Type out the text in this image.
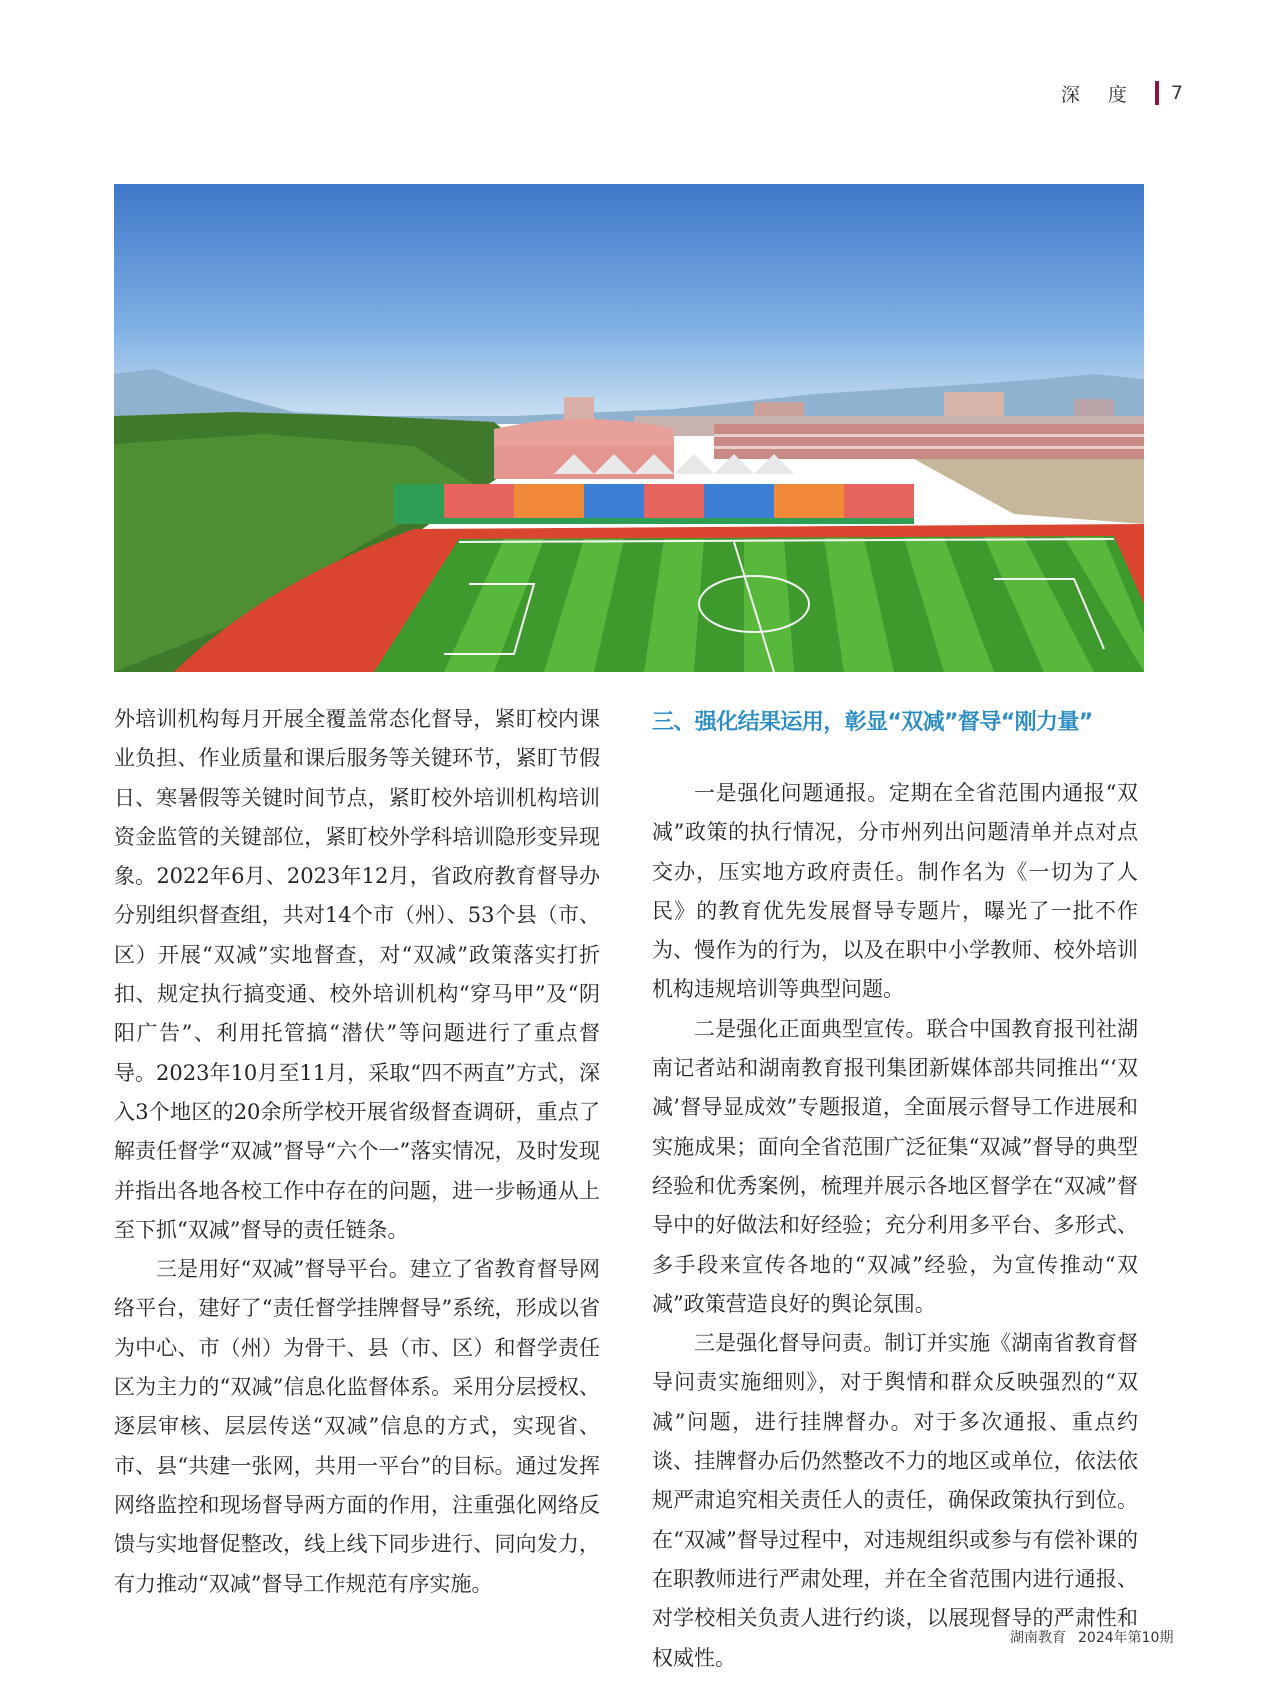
深度 7

外培训机构每月开展全覆盖常态化督导，紧盯校内课业负担、作业质量和课后服务等关键环节，紧盯节假日、寒暑假等关键时间节点，紧盯校外培训机构培训资金监管的关键部位，紧盯校外学科培训隐形变异现象。2022年6月、2023年12月，省政府教育督导办分别组织督查组，共对14个市（州）、53个县（市、区）开展“双减”实地督查，对“双减”政策落实打折扣、规定执行搞变通、校外培训机构“穿马甲”及“阴阳广告”、利用托管搞“潜伏”等问题进行了重点督导。2023年10月至11月，采取“四不两直”方式，深入3个地区的20余所学校开展省级督查调研，重点了解责任督学“双减”督导“六个一”落实情况，及时发现并指出各地各校工作中存在的问题，进一步畅通从上至下抓“双减”督导的责任链条。

三是用好“双减”督导平台。建立了省教育督导网络平台，建好了“责任督学挂牌督导”系统，形成以省为中心、市（州）为骨干、县（市、区）和督学责任区为主力的“双减”信息化监督体系。采用分层授权、逐层审核、层层传送“双减”信息的方式，实现省、市、县“共建一张网，共用一平台”的目标。通过发挥网络监控和现场督导两方面的作用，注重强化网络反馈与实地督促整改，线上线下同步进行、同向发力，有力推动“双减”督导工作规范有序实施。

三、强化结果运用，彰显“双减”督导“刚力量”

一是强化问题通报。定期在全省范围内通报“双减”政策的执行情况，分市州列出问题清单并点对点交办，压实地方政府责任。制作名为《一切为了人民》的教育优先发展督导专题片，曝光了一批不作为、慢作为的行为，以及在职中小学教师、校外培训机构违规培训等典型问题。

二是强化正面典型宣传。联合中国教育报刊社湖南记者站和湖南教育报刊集团新媒体部共同推出“‘双减’督导显成效”专题报道，全面展示督导工作进展和实施成果；面向全省范围广泛征集“双减”督导的典型经验和优秀案例，梳理并展示各地区督学在“双减”督导中的好做法和好经验；充分利用多平台、多形式、多手段来宣传各地的“双减”经验，为宣传推动“双减”政策营造良好的舆论氛围。

三是强化督导问责。制订并实施《湖南省教育督导问责实施细则》，对于舆情和群众反映强烈的“双减”问题，进行挂牌督办。对于多次通报、重点约谈、挂牌督办后仍然整改不力的地区或单位，依法依规严肃追究相关责任人的责任，确保政策执行到位。在“双减”督导过程中，对违规组织或参与有偿补课的在职教师进行严肃处理，并在全省范围内进行通报、对学校相关负责人进行约谈，以展现督导的严肃性和权威性。

湖南教育 2024年第10期
